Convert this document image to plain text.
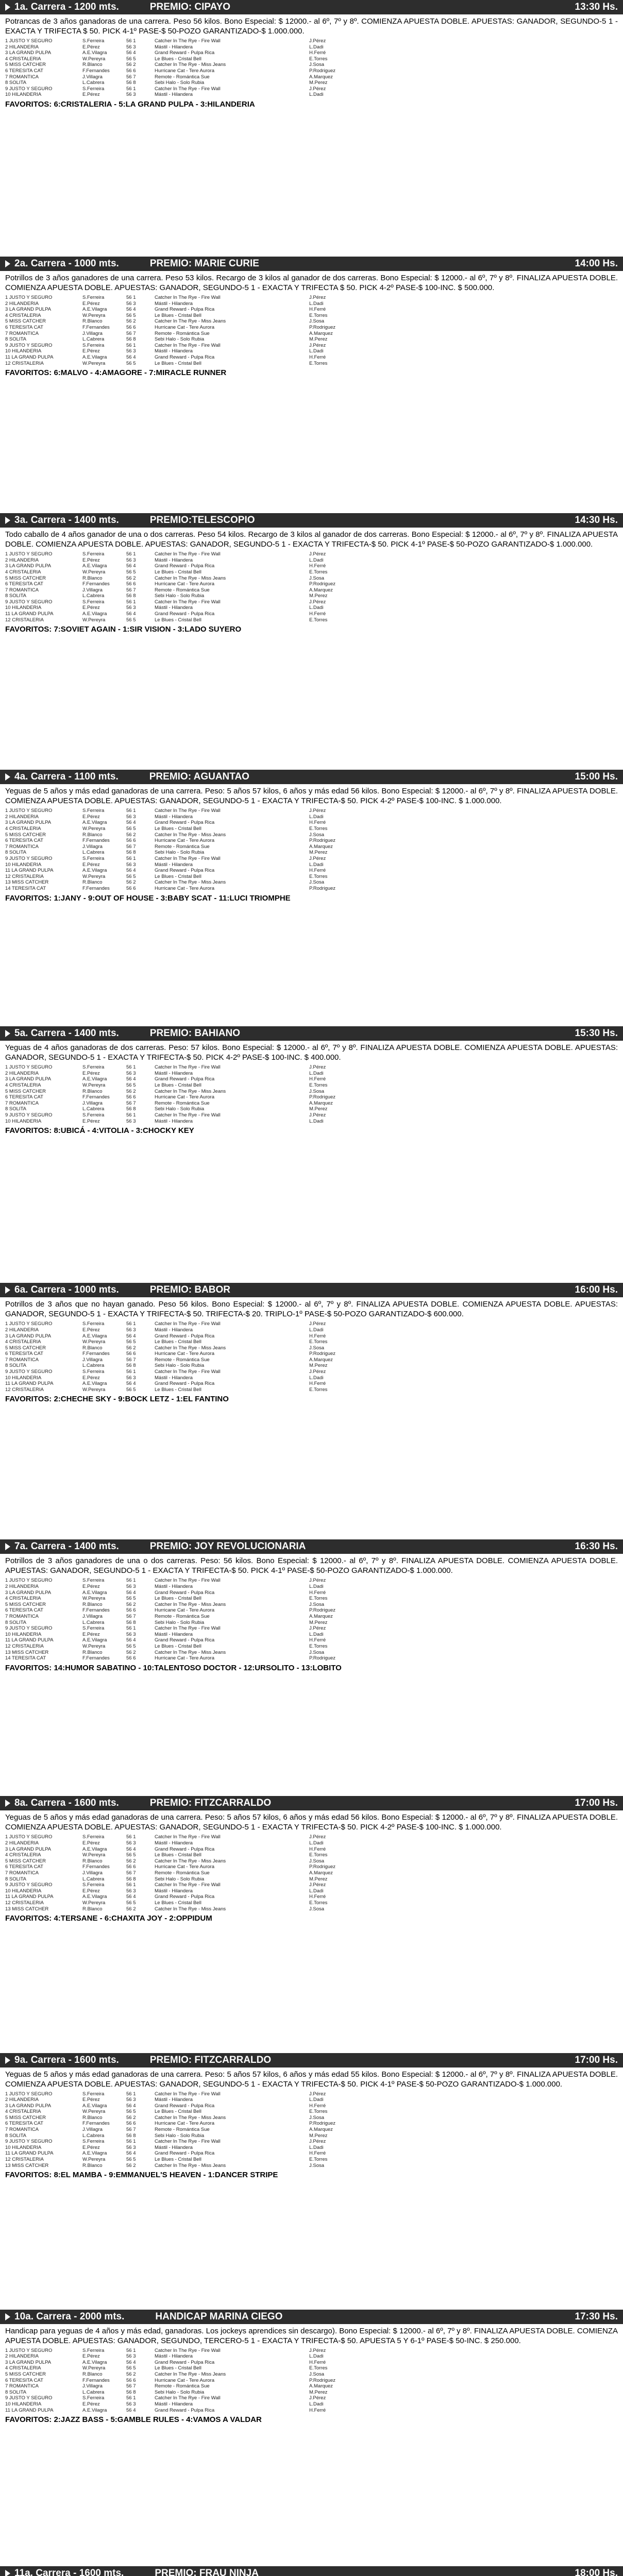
1a. Carrera - 1200 mts.	PREMIO: CIPAYO	13:30 Hs.
Potrancas de 3 años ganadoras de una carrera. Peso 56 kilos. Bono Especial: $ 12000.- al 6º, 7º y 8º. COMIENZA APUESTA DOBLE. APUESTAS: GANADOR, SEGUNDO-5 1 - EXACTA Y TRIFECTA $ 50. PICK 4-1º PASE-$ 50-POZO GARANTIZADO-$ 1.000.000.
1 JUSTO Y SEGURO	S.Ferreira	56 1	Catcher In The Rye - Fire Wall	J.Pérez
2 HILANDERIA	E.Pérez	56 3	Mástil - Hilandera	L.Dadi
3 LA GRAND PULPA	A.E.Vilagra	56 4	Grand Reward - Pulpa Rica	H.Ferré
4 CRISTALERIA	W.Pereyra	56 5	Le Blues - Cristal Bell	E.Torres
5 MISS CATCHER	R.Blanco	56 2	Catcher In The Rye - Miss Jeans	J.Sosa
6 TERESITA CAT	F.Fernandes	56 6	Hurricane Cat - Tere Aurora	P.Rodriguez
7 ROMANTICA	J.Villagra	56 7	Remote - Romántica Sue	A.Marquez
8 SOLITA	L.Cabrera	56 8	Sebi Halo - Solo Rubia	M.Perez
9 JUSTO Y SEGURO	S.Ferreira	56 1	Catcher In The Rye - Fire Wall	J.Pérez
10 HILANDERIA	E.Pérez	56 3	Mástil - Hilandera	L.Dadi
FAVORITOS: 6:CRISTALERIA - 5:LA GRAND PULPA - 3:HILANDERIA
2a. Carrera - 1000 mts.	PREMIO: MARIE CURIE	14:00 Hs.
Potrillos de 3 años ganadores de una carrera. Peso 53 kilos. Recargo de 3 kilos al ganador de dos carreras. Bono Especial: $ 12000.- al 6º, 7º y 8º. FINALIZA APUESTA DOBLE. COMIENZA APUESTA DOBLE. APUESTAS: GANADOR, SEGUNDO-5 1 - EXACTA Y TRIFECTA $ 50. PICK 4-2º PASE-$ 100-INC. $ 500.000.
1 JUSTO Y SEGURO	S.Ferreira	56 1	Catcher In The Rye - Fire Wall	J.Pérez
2 HILANDERIA	E.Pérez	56 3	Mástil - Hilandera	L.Dadi
3 LA GRAND PULPA	A.E.Vilagra	56 4	Grand Reward - Pulpa Rica	H.Ferré
4 CRISTALERIA	W.Pereyra	56 5	Le Blues - Cristal Bell	E.Torres
5 MISS CATCHER	R.Blanco	56 2	Catcher In The Rye - Miss Jeans	J.Sosa
6 TERESITA CAT	F.Fernandes	56 6	Hurricane Cat - Tere Aurora	P.Rodriguez
7 ROMANTICA	J.Villagra	56 7	Remote - Romántica Sue	A.Marquez
8 SOLITA	L.Cabrera	56 8	Sebi Halo - Solo Rubia	M.Perez
9 JUSTO Y SEGURO	S.Ferreira	56 1	Catcher In The Rye - Fire Wall	J.Pérez
10 HILANDERIA	E.Pérez	56 3	Mástil - Hilandera	L.Dadi
11 LA GRAND PULPA	A.E.Vilagra	56 4	Grand Reward - Pulpa Rica	H.Ferré
12 CRISTALERIA	W.Pereyra	56 5	Le Blues - Cristal Bell	E.Torres
FAVORITOS: 6:MALVO - 4:AMAGORE - 7:MIRACLE RUNNER
3a. Carrera - 1400 mts.	PREMIO:TELESCOPIO	14:30 Hs.
Todo caballo de 4 años ganador de una o dos carreras. Peso 54 kilos. Recargo de 3 kilos al ganador de dos carreras. Bono Especial: $ 12000.- al 6º, 7º y 8º. FINALIZA APUESTA DOBLE. COMIENZA APUESTA DOBLE. APUESTAS: GANADOR, SEGUNDO-5 1 - EXACTA Y TRIFECTA-$ 50. PICK 4-1º PASE-$ 50-POZO GARANTIZADO-$ 1.000.000.
1 JUSTO Y SEGURO	S.Ferreira	56 1	Catcher In The Rye - Fire Wall	J.Pérez
2 HILANDERIA	E.Pérez	56 3	Mástil - Hilandera	L.Dadi
3 LA GRAND PULPA	A.E.Vilagra	56 4	Grand Reward - Pulpa Rica	H.Ferré
4 CRISTALERIA	W.Pereyra	56 5	Le Blues - Cristal Bell	E.Torres
5 MISS CATCHER	R.Blanco	56 2	Catcher In The Rye - Miss Jeans	J.Sosa
6 TERESITA CAT	F.Fernandes	56 6	Hurricane Cat - Tere Aurora	P.Rodriguez
7 ROMANTICA	J.Villagra	56 7	Remote - Romántica Sue	A.Marquez
8 SOLITA	L.Cabrera	56 8	Sebi Halo - Solo Rubia	M.Perez
9 JUSTO Y SEGURO	S.Ferreira	56 1	Catcher In The Rye - Fire Wall	J.Pérez
10 HILANDERIA	E.Pérez	56 3	Mástil - Hilandera	L.Dadi
11 LA GRAND PULPA	A.E.Vilagra	56 4	Grand Reward - Pulpa Rica	H.Ferré
12 CRISTALERIA	W.Pereyra	56 5	Le Blues - Cristal Bell	E.Torres
FAVORITOS: 7:SOVIET AGAIN - 1:SIR VISION - 3:LADO SUYERO
4a. Carrera - 1100 mts.	PREMIO: AGUANTAO	15:00 Hs.
Yeguas de 5 años y más edad ganadoras de una carrera. Peso: 5 años 57 kilos, 6 años y más edad 56 kilos. Bono Especial: $ 12000.- al 6º, 7º y 8º. FINALIZA APUESTA DOBLE. COMIENZA APUESTA DOBLE. APUESTAS: GANADOR, SEGUNDO-5 1 - EXACTA Y TRIFECTA-$ 50. PICK 4-2º PASE-$ 100-INC. $ 1.000.000.
1 JUSTO Y SEGURO	S.Ferreira	56 1	Catcher In The Rye - Fire Wall	J.Pérez
2 HILANDERIA	E.Pérez	56 3	Mástil - Hilandera	L.Dadi
3 LA GRAND PULPA	A.E.Vilagra	56 4	Grand Reward - Pulpa Rica	H.Ferré
4 CRISTALERIA	W.Pereyra	56 5	Le Blues - Cristal Bell	E.Torres
5 MISS CATCHER	R.Blanco	56 2	Catcher In The Rye - Miss Jeans	J.Sosa
6 TERESITA CAT	F.Fernandes	56 6	Hurricane Cat - Tere Aurora	P.Rodriguez
7 ROMANTICA	J.Villagra	56 7	Remote - Romántica Sue	A.Marquez
8 SOLITA	L.Cabrera	56 8	Sebi Halo - Solo Rubia	M.Perez
9 JUSTO Y SEGURO	S.Ferreira	56 1	Catcher In The Rye - Fire Wall	J.Pérez
10 HILANDERIA	E.Pérez	56 3	Mástil - Hilandera	L.Dadi
11 LA GRAND PULPA	A.E.Vilagra	56 4	Grand Reward - Pulpa Rica	H.Ferré
12 CRISTALERIA	W.Pereyra	56 5	Le Blues - Cristal Bell	E.Torres
13 MISS CATCHER	R.Blanco	56 2	Catcher In The Rye - Miss Jeans	J.Sosa
14 TERESITA CAT	F.Fernandes	56 6	Hurricane Cat - Tere Aurora	P.Rodriguez
FAVORITOS: 1:JANY - 9:OUT OF HOUSE - 3:BABY SCAT - 11:LUCI TRIOMPHE
5a. Carrera - 1400 mts.	PREMIO: BAHIANO	15:30 Hs.
Yeguas de 4 años ganadoras de dos carreras. Peso: 57 kilos. Bono Especial: $ 12000.- al 6º, 7º y 8º. FINALIZA APUESTA DOBLE. COMIENZA APUESTA DOBLE. APUESTAS: GANADOR, SEGUNDO-5 1 - EXACTA Y TRIFECTA-$ 50. PICK 4-2º PASE-$ 100-INC. $ 400.000.
1 JUSTO Y SEGURO	S.Ferreira	56 1	Catcher In The Rye - Fire Wall	J.Pérez
2 HILANDERIA	E.Pérez	56 3	Mástil - Hilandera	L.Dadi
3 LA GRAND PULPA	A.E.Vilagra	56 4	Grand Reward - Pulpa Rica	H.Ferré
4 CRISTALERIA	W.Pereyra	56 5	Le Blues - Cristal Bell	E.Torres
5 MISS CATCHER	R.Blanco	56 2	Catcher In The Rye - Miss Jeans	J.Sosa
6 TERESITA CAT	F.Fernandes	56 6	Hurricane Cat - Tere Aurora	P.Rodriguez
7 ROMANTICA	J.Villagra	56 7	Remote - Romántica Sue	A.Marquez
8 SOLITA	L.Cabrera	56 8	Sebi Halo - Solo Rubia	M.Perez
9 JUSTO Y SEGURO	S.Ferreira	56 1	Catcher In The Rye - Fire Wall	J.Pérez
10 HILANDERIA	E.Pérez	56 3	Mástil - Hilandera	L.Dadi
FAVORITOS: 8:UBICÁ - 4:VITOLIA - 3:CHOCKY KEY
6a. Carrera - 1000 mts.	PREMIO: BABOR	16:00 Hs.
Potrillos de 3 años que no hayan ganado. Peso 56 kilos. Bono Especial: $ 12000.- al 6º, 7º y 8º. FINALIZA APUESTA DOBLE. COMIENZA APUESTA DOBLE. APUESTAS: GANADOR, SEGUNDO-5 1 - EXACTA Y TRIFECTA-$ 50. TRIFECTA-$ 20. TRIPLO-1º PASE-$ 50-POZO GARANTIZADO-$ 600.000.
1 JUSTO Y SEGURO	S.Ferreira	56 1	Catcher In The Rye - Fire Wall	J.Pérez
2 HILANDERIA	E.Pérez	56 3	Mástil - Hilandera	L.Dadi
3 LA GRAND PULPA	A.E.Vilagra	56 4	Grand Reward - Pulpa Rica	H.Ferré
4 CRISTALERIA	W.Pereyra	56 5	Le Blues - Cristal Bell	E.Torres
5 MISS CATCHER	R.Blanco	56 2	Catcher In The Rye - Miss Jeans	J.Sosa
6 TERESITA CAT	F.Fernandes	56 6	Hurricane Cat - Tere Aurora	P.Rodriguez
7 ROMANTICA	J.Villagra	56 7	Remote - Romántica Sue	A.Marquez
8 SOLITA	L.Cabrera	56 8	Sebi Halo - Solo Rubia	M.Perez
9 JUSTO Y SEGURO	S.Ferreira	56 1	Catcher In The Rye - Fire Wall	J.Pérez
10 HILANDERIA	E.Pérez	56 3	Mástil - Hilandera	L.Dadi
11 LA GRAND PULPA	A.E.Vilagra	56 4	Grand Reward - Pulpa Rica	H.Ferré
12 CRISTALERIA	W.Pereyra	56 5	Le Blues - Cristal Bell	E.Torres
FAVORITOS: 2:CHECHE SKY - 9:BOCK LETZ - 1:EL FANTINO
7a. Carrera - 1400 mts.	PREMIO: JOY REVOLUCIONARIA	16:30 Hs.
Potrillos de 3 años ganadores de una o dos carreras. Peso: 56 kilos. Bono Especial: $ 12000.- al 6º, 7º y 8º. FINALIZA APUESTA DOBLE. COMIENZA APUESTA DOBLE. APUESTAS: GANADOR, SEGUNDO-5 1 - EXACTA Y TRIFECTA-$ 50. PICK 4-1º PASE-$ 50-POZO GARANTIZADO-$ 1.000.000.
1 JUSTO Y SEGURO	S.Ferreira	56 1	Catcher In The Rye - Fire Wall	J.Pérez
2 HILANDERIA	E.Pérez	56 3	Mástil - Hilandera	L.Dadi
3 LA GRAND PULPA	A.E.Vilagra	56 4	Grand Reward - Pulpa Rica	H.Ferré
4 CRISTALERIA	W.Pereyra	56 5	Le Blues - Cristal Bell	E.Torres
5 MISS CATCHER	R.Blanco	56 2	Catcher In The Rye - Miss Jeans	J.Sosa
6 TERESITA CAT	F.Fernandes	56 6	Hurricane Cat - Tere Aurora	P.Rodriguez
7 ROMANTICA	J.Villagra	56 7	Remote - Romántica Sue	A.Marquez
8 SOLITA	L.Cabrera	56 8	Sebi Halo - Solo Rubia	M.Perez
9 JUSTO Y SEGURO	S.Ferreira	56 1	Catcher In The Rye - Fire Wall	J.Pérez
10 HILANDERIA	E.Pérez	56 3	Mástil - Hilandera	L.Dadi
11 LA GRAND PULPA	A.E.Vilagra	56 4	Grand Reward - Pulpa Rica	H.Ferré
12 CRISTALERIA	W.Pereyra	56 5	Le Blues - Cristal Bell	E.Torres
13 MISS CATCHER	R.Blanco	56 2	Catcher In The Rye - Miss Jeans	J.Sosa
14 TERESITA CAT	F.Fernandes	56 6	Hurricane Cat - Tere Aurora	P.Rodriguez
FAVORITOS: 14:HUMOR SABATINO - 10:TALENTOSO DOCTOR - 12:URSOLITO - 13:LOBITO
8a. Carrera - 1600 mts.	PREMIO: FITZCARRALDO	17:00 Hs.
Yeguas de 5 años y más edad ganadoras de una carrera. Peso: 5 años 57 kilos, 6 años y más edad 56 kilos. Bono Especial: $ 12000.- al 6º, 7º y 8º. FINALIZA APUESTA DOBLE. COMIENZA APUESTA DOBLE. APUESTAS: GANADOR, SEGUNDO-5 1 - EXACTA Y TRIFECTA-$ 50. PICK 4-2º PASE-$ 100-INC. $ 1.000.000.
1 JUSTO Y SEGURO	S.Ferreira	56 1	Catcher In The Rye - Fire Wall	J.Pérez
2 HILANDERIA	E.Pérez	56 3	Mástil - Hilandera	L.Dadi
3 LA GRAND PULPA	A.E.Vilagra	56 4	Grand Reward - Pulpa Rica	H.Ferré
4 CRISTALERIA	W.Pereyra	56 5	Le Blues - Cristal Bell	E.Torres
5 MISS CATCHER	R.Blanco	56 2	Catcher In The Rye - Miss Jeans	J.Sosa
6 TERESITA CAT	F.Fernandes	56 6	Hurricane Cat - Tere Aurora	P.Rodriguez
7 ROMANTICA	J.Villagra	56 7	Remote - Romántica Sue	A.Marquez
8 SOLITA	L.Cabrera	56 8	Sebi Halo - Solo Rubia	M.Perez
9 JUSTO Y SEGURO	S.Ferreira	56 1	Catcher In The Rye - Fire Wall	J.Pérez
10 HILANDERIA	E.Pérez	56 3	Mástil - Hilandera	L.Dadi
11 LA GRAND PULPA	A.E.Vilagra	56 4	Grand Reward - Pulpa Rica	H.Ferré
12 CRISTALERIA	W.Pereyra	56 5	Le Blues - Cristal Bell	E.Torres
13 MISS CATCHER	R.Blanco	56 2	Catcher In The Rye - Miss Jeans	J.Sosa
FAVORITOS: 4:TERSANE - 6:CHAXITA JOY - 2:OPPIDUM
9a. Carrera - 1600 mts.	PREMIO: FITZCARRALDO	17:00 Hs.
Yeguas de 5 años y más edad ganadoras de una carrera. Peso: 5 años 57 kilos, 6 años y más edad 55 kilos. Bono Especial: $ 12000.- al 6º, 7º y 8º. FINALIZA APUESTA DOBLE. COMIENZA APUESTA DOBLE. APUESTAS: GANADOR, SEGUNDO-5 1 - EXACTA Y TRIFECTA-$ 50. PICK 4-1º PASE-$ 50-POZO GARANTIZADO-$ 1.000.000.
1 JUSTO Y SEGURO	S.Ferreira	56 1	Catcher In The Rye - Fire Wall	J.Pérez
2 HILANDERIA	E.Pérez	56 3	Mástil - Hilandera	L.Dadi
3 LA GRAND PULPA	A.E.Vilagra	56 4	Grand Reward - Pulpa Rica	H.Ferré
4 CRISTALERIA	W.Pereyra	56 5	Le Blues - Cristal Bell	E.Torres
5 MISS CATCHER	R.Blanco	56 2	Catcher In The Rye - Miss Jeans	J.Sosa
6 TERESITA CAT	F.Fernandes	56 6	Hurricane Cat - Tere Aurora	P.Rodriguez
7 ROMANTICA	J.Villagra	56 7	Remote - Romántica Sue	A.Marquez
8 SOLITA	L.Cabrera	56 8	Sebi Halo - Solo Rubia	M.Perez
9 JUSTO Y SEGURO	S.Ferreira	56 1	Catcher In The Rye - Fire Wall	J.Pérez
10 HILANDERIA	E.Pérez	56 3	Mástil - Hilandera	L.Dadi
11 LA GRAND PULPA	A.E.Vilagra	56 4	Grand Reward - Pulpa Rica	H.Ferré
12 CRISTALERIA	W.Pereyra	56 5	Le Blues - Cristal Bell	E.Torres
13 MISS CATCHER	R.Blanco	56 2	Catcher In The Rye - Miss Jeans	J.Sosa
FAVORITOS: 8:EL MAMBA - 9:EMMANUEL'S HEAVEN - 1:DANCER STRIPE
10a. Carrera - 2000 mts.	HANDICAP MARINA CIEGO	17:30 Hs.
Handicap para yeguas de 4 años y más edad, ganadoras. Los jockeys aprendices sin descargo). Bono Especial: $ 12000.- al 6º, 7º y 8º. FINALIZA APUESTA DOBLE. COMIENZA APUESTA DOBLE. APUESTAS: GANADOR, SEGUNDO, TERCERO-5 1 - EXACTA Y TRIFECTA-$ 50. APUESTA 5 Y 6-1º PASE-$ 50-INC. $ 250.000.
1 JUSTO Y SEGURO	S.Ferreira	56 1	Catcher In The Rye - Fire Wall	J.Pérez
2 HILANDERIA	E.Pérez	56 3	Mástil - Hilandera	L.Dadi
3 LA GRAND PULPA	A.E.Vilagra	56 4	Grand Reward - Pulpa Rica	H.Ferré
4 CRISTALERIA	W.Pereyra	56 5	Le Blues - Cristal Bell	E.Torres
5 MISS CATCHER	R.Blanco	56 2	Catcher In The Rye - Miss Jeans	J.Sosa
6 TERESITA CAT	F.Fernandes	56 6	Hurricane Cat - Tere Aurora	P.Rodriguez
7 ROMANTICA	J.Villagra	56 7	Remote - Romántica Sue	A.Marquez
8 SOLITA	L.Cabrera	56 8	Sebi Halo - Solo Rubia	M.Perez
9 JUSTO Y SEGURO	S.Ferreira	56 1	Catcher In The Rye - Fire Wall	J.Pérez
10 HILANDERIA	E.Pérez	56 3	Mástil - Hilandera	L.Dadi
11 LA GRAND PULPA	A.E.Vilagra	56 4	Grand Reward - Pulpa Rica	H.Ferré
FAVORITOS: 2:JAZZ BASS - 5:GAMBLE RULES - 4:VAMOS A VALDAR
11a. Carrera - 1600 mts.	PREMIO: FRAU NINJA	18:00 Hs.
